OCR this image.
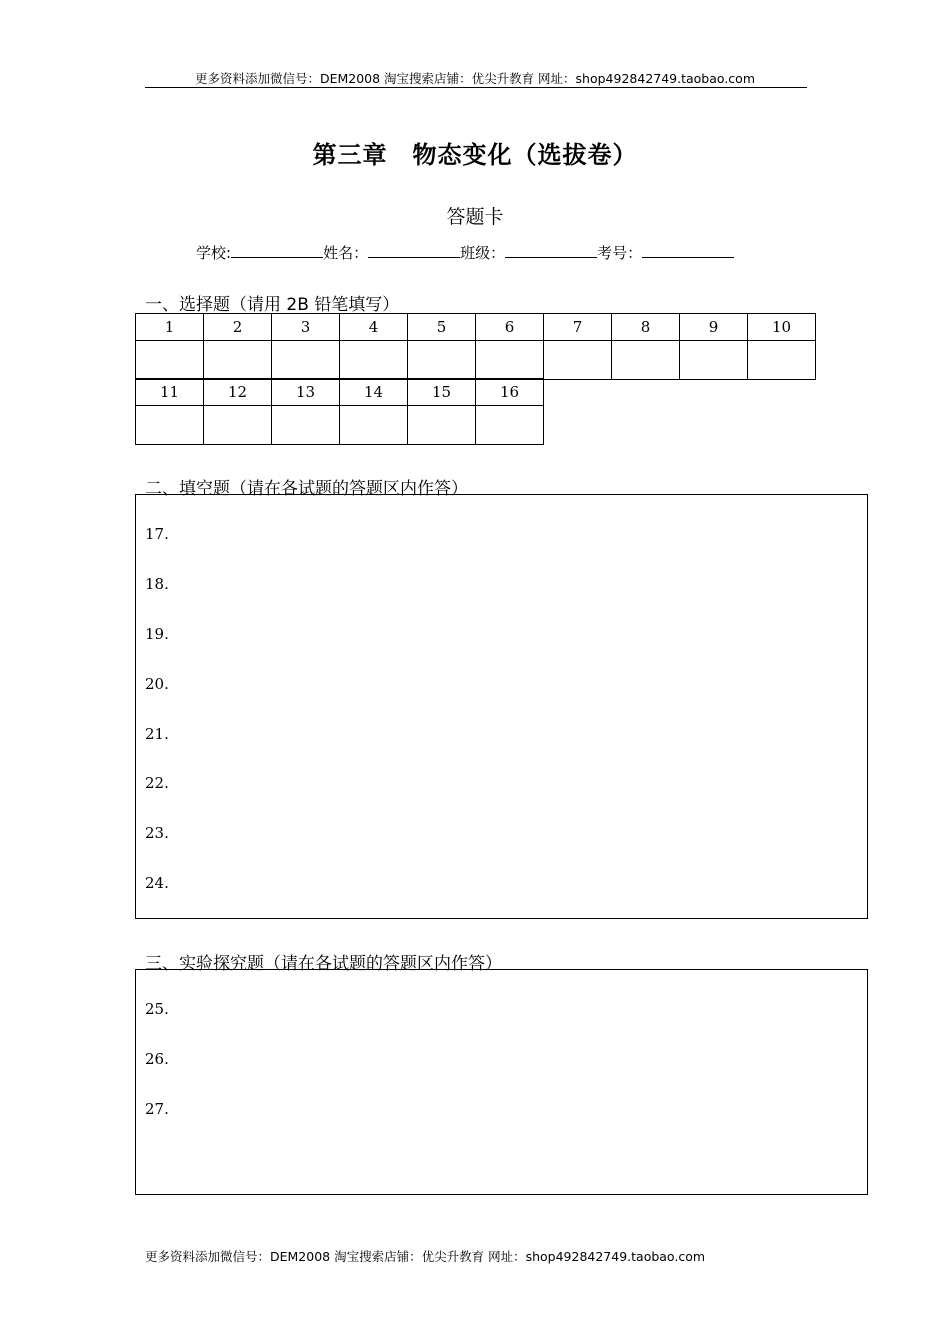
更多资料添加微信号：DEM2008 淘宝搜索店铺：优尖升教育 网址：shop492842749.taobao.com
第三章　物态变化（选拔卷）
答题卡
学校:	姓名：	班级：	考号：
一、选择题（请用 2B 铅笔填写）
1	2	3	4	5	6	7	8	9	10

11	12	13	14	15	16

二、填空题（请在各试题的答题区内作答）
17.
18.
19.
20.
21.
22.
23.
24.
三、实验探究题（请在各试题的答题区内作答）
25.
26.
27.
更多资料添加微信号：DEM2008 淘宝搜索店铺：优尖升教育 网址：shop492842749.taobao.com
